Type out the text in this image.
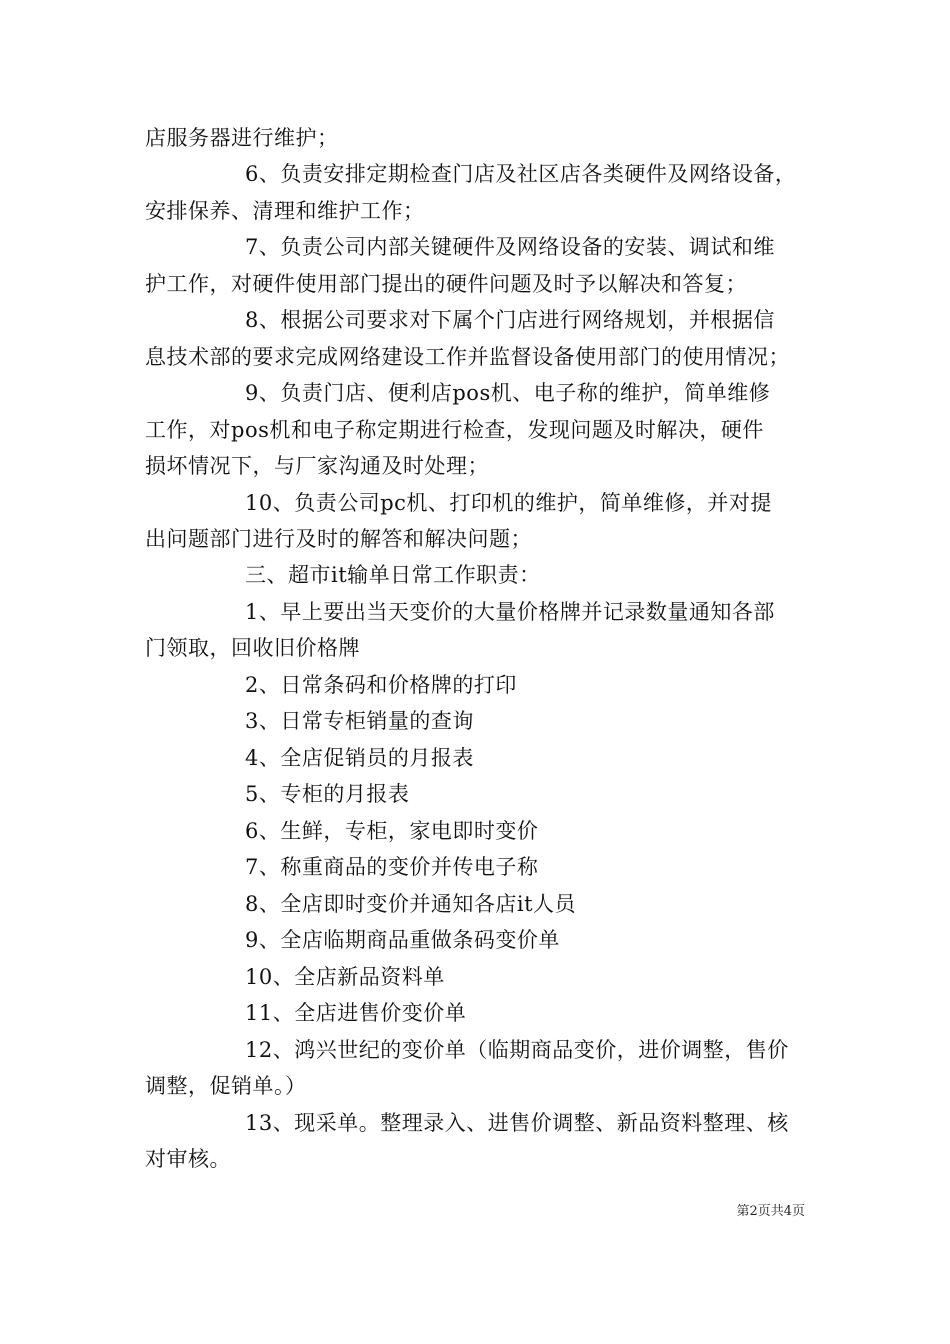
店服务器进行维护；
6、负责安排定期检查门店及社区店各类硬件及网络设备，
安排保养、清理和维护工作；
7、负责公司内部关键硬件及网络设备的安装、调试和维
护工作，对硬件使用部门提出的硬件问题及时予以解决和答复；
8、根据公司要求对下属个门店进行网络规划，并根据信
息技术部的要求完成网络建设工作并监督设备使用部门的使用情况；
9、负责门店、便利店pos机、电子称的维护，简单维修
工作，对pos机和电子称定期进行检查，发现问题及时解决，硬件
损坏情况下，与厂家沟通及时处理；
10、负责公司pc机、打印机的维护，简单维修，并对提
出问题部门进行及时的解答和解决问题；
三、超市it输单日常工作职责：
1、早上要出当天变价的大量价格牌并记录数量通知各部
门领取，回收旧价格牌
2、日常条码和价格牌的打印
3、日常专柜销量的查询
4、全店促销员的月报表
5、专柜的月报表
6、生鲜，专柜，家电即时变价
7、称重商品的变价并传电子称
8、全店即时变价并通知各店it人员
9、全店临期商品重做条码变价单
10、全店新品资料单
11、全店进售价变价单
12、鸿兴世纪的变价单（临期商品变价，进价调整，售价
调整，促销单。）
13、现采单。整理录入、进售价调整、新品资料整理、核
对审核。
第2页共4页
